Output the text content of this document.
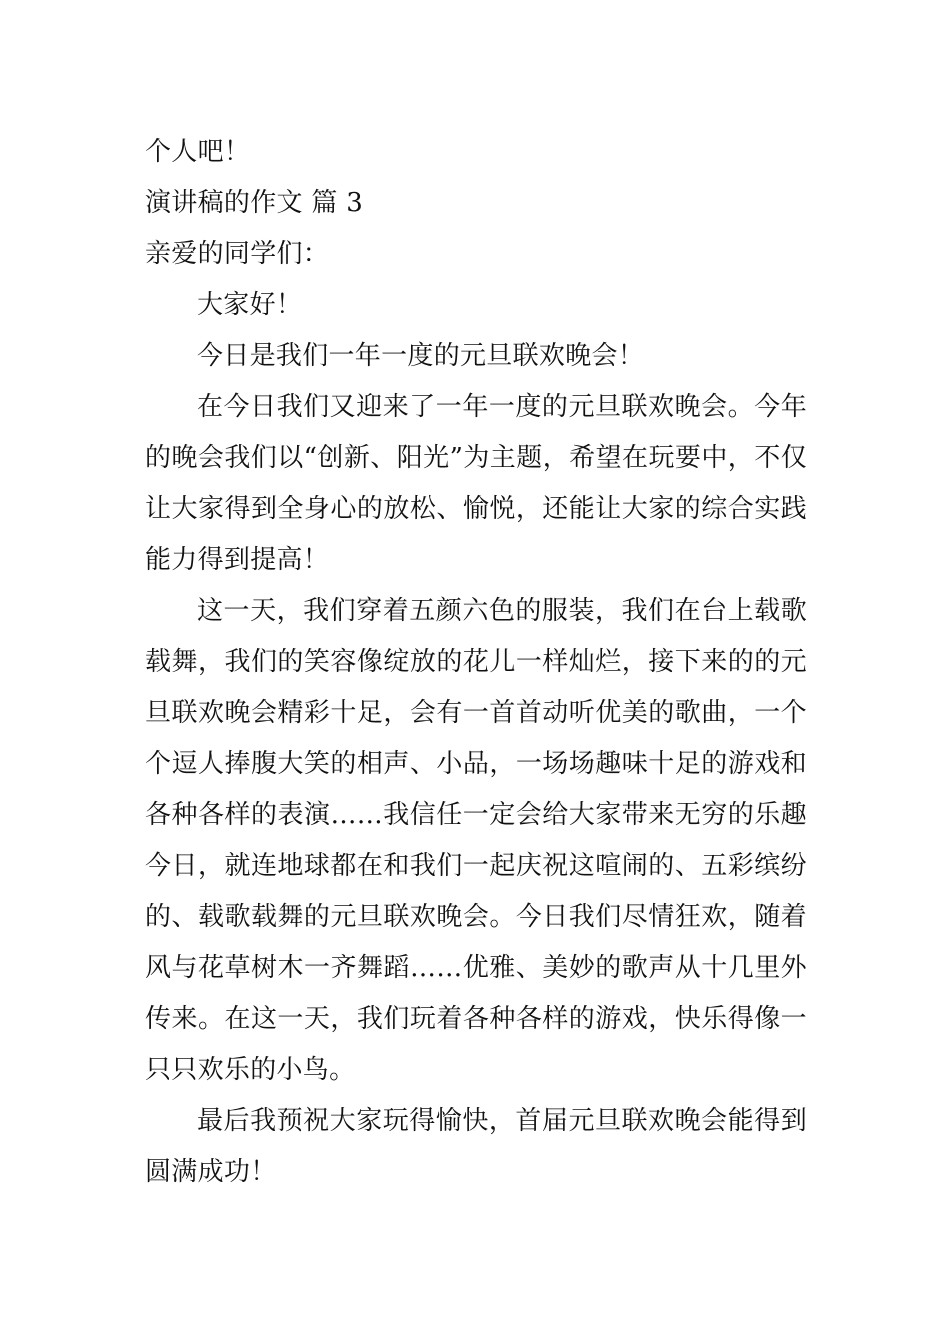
个人吧！

演讲稿的作文 篇 3

亲爱的同学们：

大家好！

今日是我们一年一度的元旦联欢晚会！

在今日我们又迎来了一年一度的元旦联欢晚会。今年的晚会我们以“创新、阳光”为主题，希望在玩要中，不仅让大家得到全身心的放松、愉悦，还能让大家的综合实践能力得到提高！

这一天，我们穿着五颜六色的服装，我们在台上载歌载舞，我们的笑容像绽放的花儿一样灿烂，接下来的的元旦联欢晚会精彩十足，会有一首首动听优美的歌曲，一个个逗人捧腹大笑的相声、小品，一场场趣味十足的游戏和各种各样的表演……我信任一定会给大家带来无穷的乐趣今日，就连地球都在和我们一起庆祝这喧闹的、五彩缤纷的、载歌载舞的元旦联欢晚会。今日我们尽情狂欢，随着风与花草树木一齐舞蹈……优雅、美妙的歌声从十几里外传来。在这一天，我们玩着各种各样的游戏，快乐得像一只只欢乐的小鸟。

最后我预祝大家玩得愉快，首届元旦联欢晚会能得到圆满成功！
